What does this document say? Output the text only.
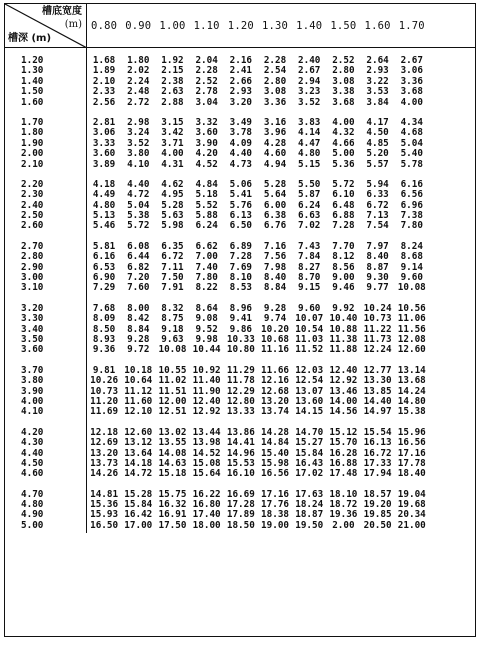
槽底宽度
(m)
槽深 (m)
0.80 0.90 1.00 1.10 1.20 1.30 1.40 1.50 1.60 1.70
1.20	1.68	1.80	1.92	2.04	2.16	2.28	2.40	2.52	2.64	2.67
1.30	1.89	2.02	2.15	2.28	2.41	2.54	2.67	2.80	2.93	3.06
1.40	2.10	2.24	2.38	2.52	2.66	2.80	2.94	3.08	3.22	3.36
1.50	2.33	2.48	2.63	2.78	2.93	3.08	3.23	3.38	3.53	3.68
1.60	2.56	2.72	2.88	3.04	3.20	3.36	3.52	3.68	3.84	4.00
1.70	2.81	2.98	3.15	3.32	3.49	3.16	3.83	4.00	4.17	4.34
1.80	3.06	3.24	3.42	3.60	3.78	3.96	4.14	4.32	4.50	4.68
1.90	3.33	3.52	3.71	3.90	4.09	4.28	4.47	4.66	4.85	5.04
2.00	3.60	3.80	4.00	4.20	4.40	4.60	4.80	5.00	5.20	5.40
2.10	3.89	4.10	4.31	4.52	4.73	4.94	5.15	5.36	5.57	5.78
2.20	4.18	4.40	4.62	4.84	5.06	5.28	5.50	5.72	5.94	6.16
2.30	4.49	4.72	4.95	5.18	5.41	5.64	5.87	6.10	6.33	6.56
2.40	4.80	5.04	5.28	5.52	5.76	6.00	6.24	6.48	6.72	6.96
2.50	5.13	5.38	5.63	5.88	6.13	6.38	6.63	6.88	7.13	7.38
2.60	5.46	5.72	5.98	6.24	6.50	6.76	7.02	7.28	7.54	7.80
2.70	5.81	6.08	6.35	6.62	6.89	7.16	7.43	7.70	7.97	8.24
2.80	6.16	6.44	6.72	7.00	7.28	7.56	7.84	8.12	8.40	8.68
2.90	6.53	6.82	7.11	7.40	7.69	7.98	8.27	8.56	8.87	9.14
3.00	6.90	7.20	7.50	7.80	8.10	8.40	8.70	9.00	9.30	9.60
3.10	7.29	7.60	7.91	8.22	8.53	8.84	9.15	9.46	9.77 10.08
3.20	7.68	8.00	8.32	8.64	8.96	9.28	9.60	9.92 10.24 10.56
3.30	8.09	8.42	8.75	9.08	9.41	9.74 10.07 10.40 10.73 11.06
3.40	8.50	8.84	9.18	9.52	9.86 10.20 10.54 10.88 11.22 11.56
3.50	8.93	9.28	9.63	9.98 10.33 10.68 11.03 11.38 11.73 12.08
3.60	9.36	9.72 10.08 10.44 10.80 11.16 11.52 11.88 12.24 12.60
3.70	9.81 10.18 10.55 10.92 11.29 11.66 12.03 12.40 12.77 13.14
3.80	10.26 10.64 11.02 11.40 11.78 12.16 12.54 12.92 13.30 13.68
3.90	10.73 11.12 11.51 11.90 12.29 12.68 13.07 13.46 13.85 14.24
4.00	11.20 11.60 12.00 12.40 12.80 13.20 13.60 14.00 14.40 14.80
4.10	11.69 12.10 12.51 12.92 13.33 13.74 14.15 14.56 14.97 15.38
4.20	12.18 12.60 13.02 13.44 13.86 14.28 14.70 15.12 15.54 15.96
4.30	12.69 13.12 13.55 13.98 14.41 14.84 15.27 15.70 16.13 16.56
4.40	13.20 13.64 14.08 14.52 14.96 15.40 15.84 16.28 16.72 17.16
4.50	13.73 14.18 14.63 15.08 15.53 15.98 16.43 16.88 17.33 17.78
4.60	14.26 14.72 15.18 15.64 16.10 16.56 17.02 17.48 17.94 18.40
4.70	14.81 15.28 15.75 16.22 16.69 17.16 17.63 18.10 18.57 19.04
4.80	15.36 15.84 16.32 16.80 17.28 17.76 18.24 18.72 19.20 19.68
4.90	15.93 16.42 16.91 17.40 17.89 18.38 18.87 19.36 19.85 20.34
5.00	16.50 17.00 17.50 18.00 18.50 19.00 19.50 2.00 20.50 21.00
